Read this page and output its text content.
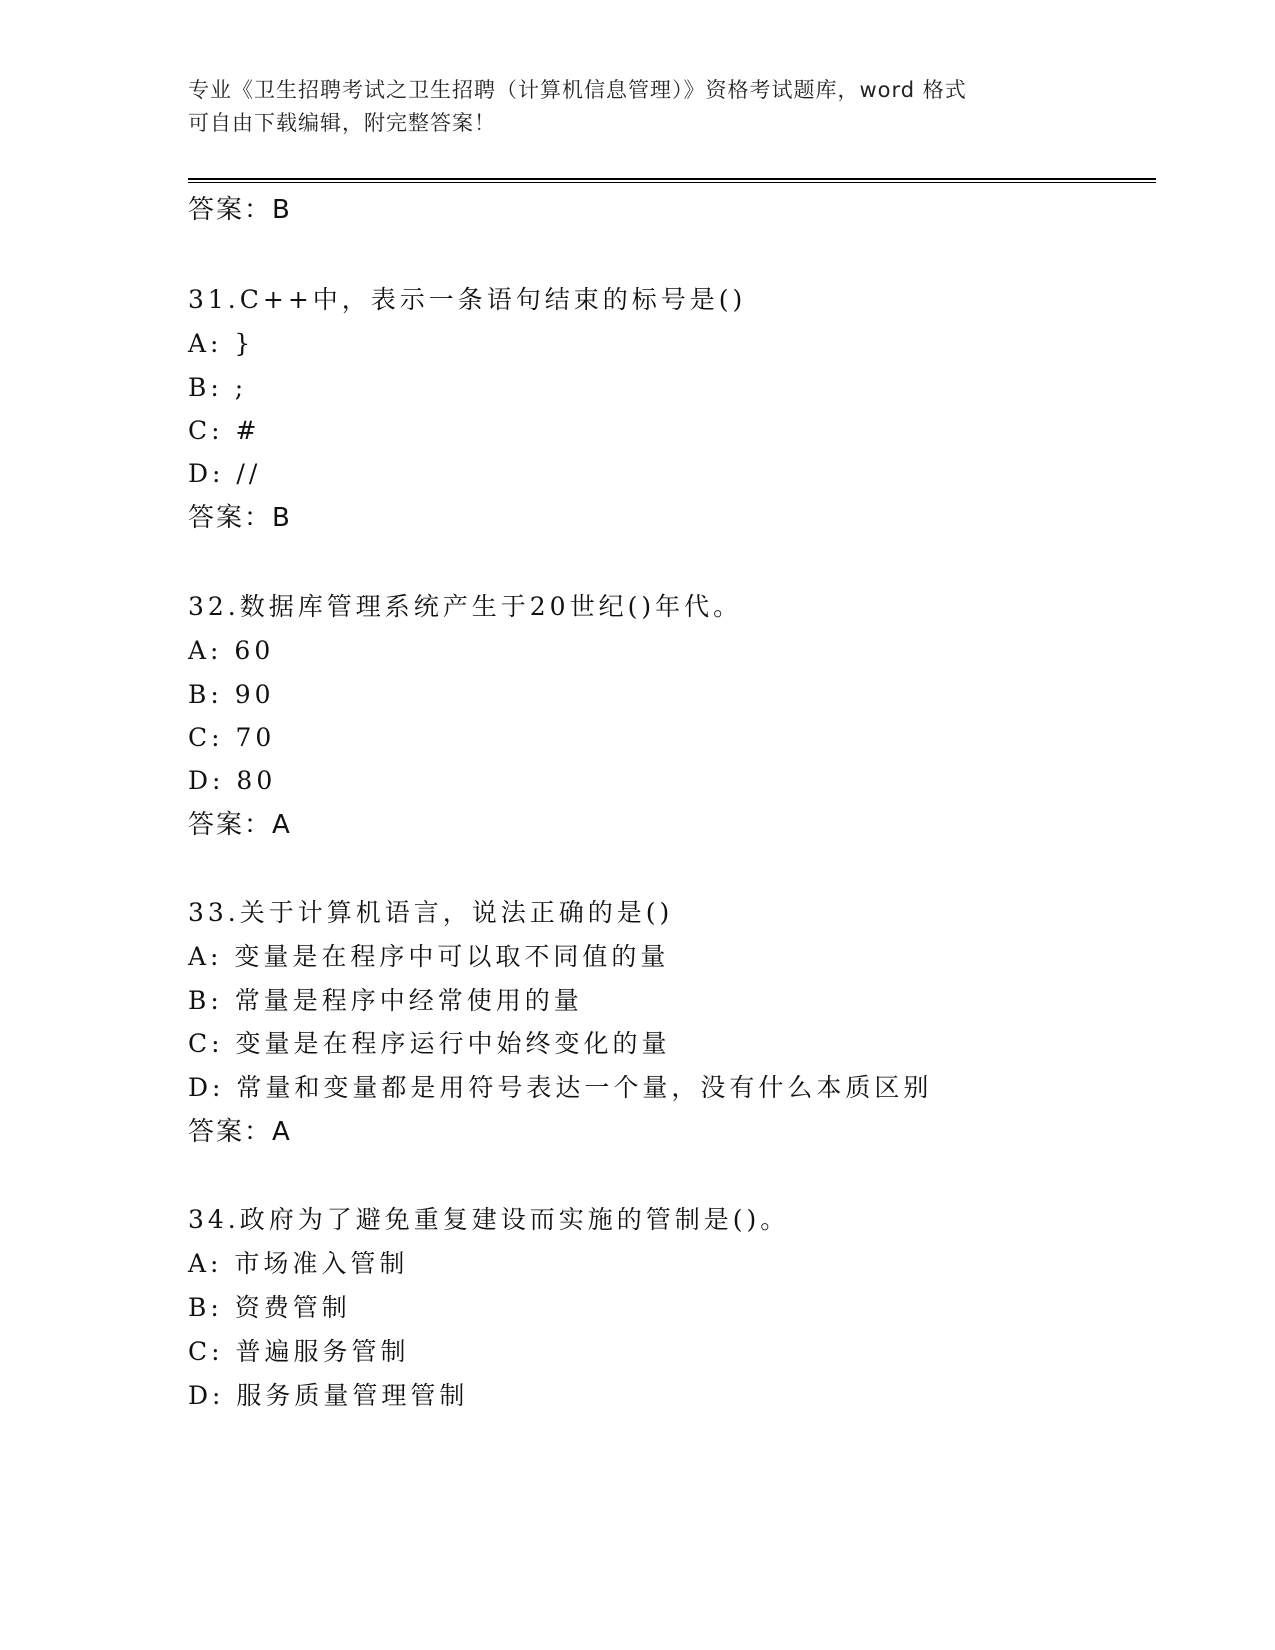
专业《卫生招聘考试之卫生招聘（计算机信息管理）》资格考试题库，word 格式
可自由下载编辑，附完整答案！
答案：B
31.C++中，表示一条语句结束的标号是()
A: }
B: ;
C: #
D: //
答案：B
32.数据库管理系统产生于20世纪()年代。
A: 60
B: 90
C: 70
D: 80
答案：A
33.关于计算机语言，说法正确的是()
A: 变量是在程序中可以取不同值的量
B: 常量是程序中经常使用的量
C: 变量是在程序运行中始终变化的量
D: 常量和变量都是用符号表达一个量，没有什么本质区别
答案：A
34.政府为了避免重复建设而实施的管制是()。
A: 市场准入管制
B: 资费管制
C: 普遍服务管制
D: 服务质量管理管制
